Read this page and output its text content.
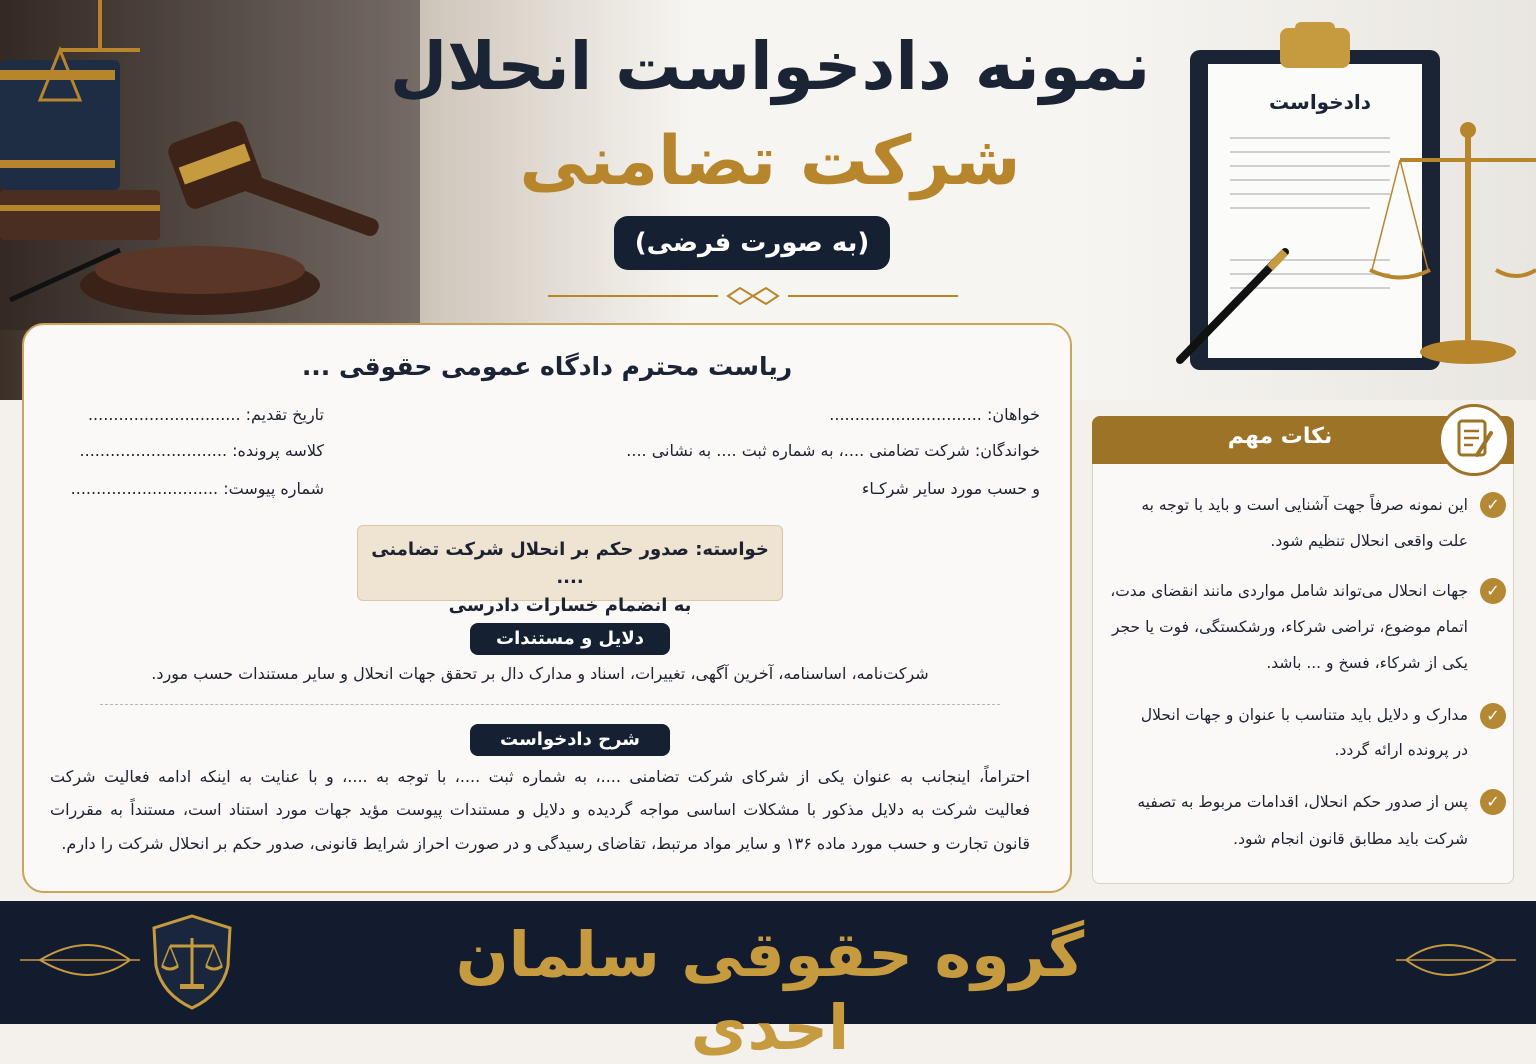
دادخواست
نمونه دادخواست انحلال
شرکت تضامنی
(به صورت فرضی)
ریاست محترم دادگاه عمومی حقوقی ...
خواهان: ..............................
خواندگان: شرکت تضامنی ....، به شماره ثبت .... به نشانی ....
و حسب مورد سایر شرکـاء
تاریخ تقدیم: ..............................
کلاسه پرونده: .............................
شماره پیوست: .............................
خواسته: صدور حکم بر انحلال شرکت تضامنی ....
به انضمام خسارات دادرسی
دلایل و مستندات
شرکت‌نامه، اساسنامه، آخرین آگهی، تغییرات، اسناد و مدارک دال بر تحقق جهات انحلال و سایر مستندات حسب مورد.
شرح دادخواست
احتراماً، اینجانب به عنوان یکی از شرکای شرکت تضامنی ....، به شماره ثبت ....، با توجه به ....، و با عنایت به اینکه ادامه فعالیت شرکت
فعالیت شرکت به دلایل مذکور با مشکلات اساسی مواجه گردیده و دلایل و مستندات پیوست مؤید جهات مورد استناد است، مستنداً به مقررات
قانون تجارت و حسب مورد ماده ۱۳۶ و سایر مواد مرتبط، تقاضای رسیدگی و در صورت احراز شرایط قانونی، صدور حکم بر انحلال شرکت را دارم.
نکات مهم
✓
این نمونه صرفاً جهت آشنایی است و باید با توجه به
علت واقعی انحلال تنظیم شود.
✓
جهات انحلال می‌تواند شامل مواردی مانند انقضای مدت،
اتمام موضوع، تراضی شرکاء، ورشکستگی، فوت یا حجر
یکی از شرکاء، فسخ و ... باشد.
✓
مدارک و دلایل باید متناسب با عنوان و جهات انحلال
در پرونده ارائه گردد.
✓
پس از صدور حکم انحلال، اقدامات مربوط به تصفیه
شرکت باید مطابق قانون انجام شود.
گروه حقوقی سلمان احدی
